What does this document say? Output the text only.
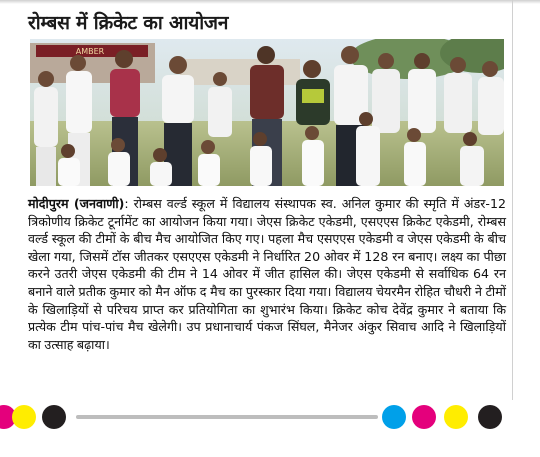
रोम्बस में क्रिकेट का आयोजन
AMBER
मोदीपुरम (जनवाणी): रोम्बस वर्ल्ड स्कूल में विद्यालय संस्थापक स्व. अनिल कुमार की स्मृति में अंडर-12 त्रिकोणीय क्रिकेट टूर्नामेंट का आयोजन किया गया। जेएस क्रिकेट एकेडमी, एसएएस क्रिकेट एकेडमी, रोम्बस वर्ल्ड स्कूल की टीमों के बीच मैच आयोजित किए गए। पहला मैच एसएएस एकेडमी व जेएस एकेडमी के बीच खेला गया, जिसमें टॉस जीतकर एसएएस एकेडमी ने निर्धारित 20 ओवर में 128 रन बनाए। लक्ष्य का पीछा करने उतरी जेएस एकेडमी की टीम ने 14 ओवर में जीत हासिल की। जेएस एकेडमी से सर्वाधिक 64 रन बनाने वाले प्रतीक कुमार को मैन ऑफ द मैच का पुरस्कार दिया गया। विद्यालय चेयरमैन रोहित चौधरी ने टीमों के खिलाड़ियों से परिचय प्राप्त कर प्रतियोगिता का शुभारंभ किया। क्रिकेट कोच देवेंद्र कुमार ने बताया कि प्रत्येक टीम पांच-पांच मैच खेलेगी। उप प्रधानाचार्य पंकज सिंघल, मैनेजर अंकुर सिवाच आदि ने खिलाड़ियों का उत्साह बढ़ाया।
